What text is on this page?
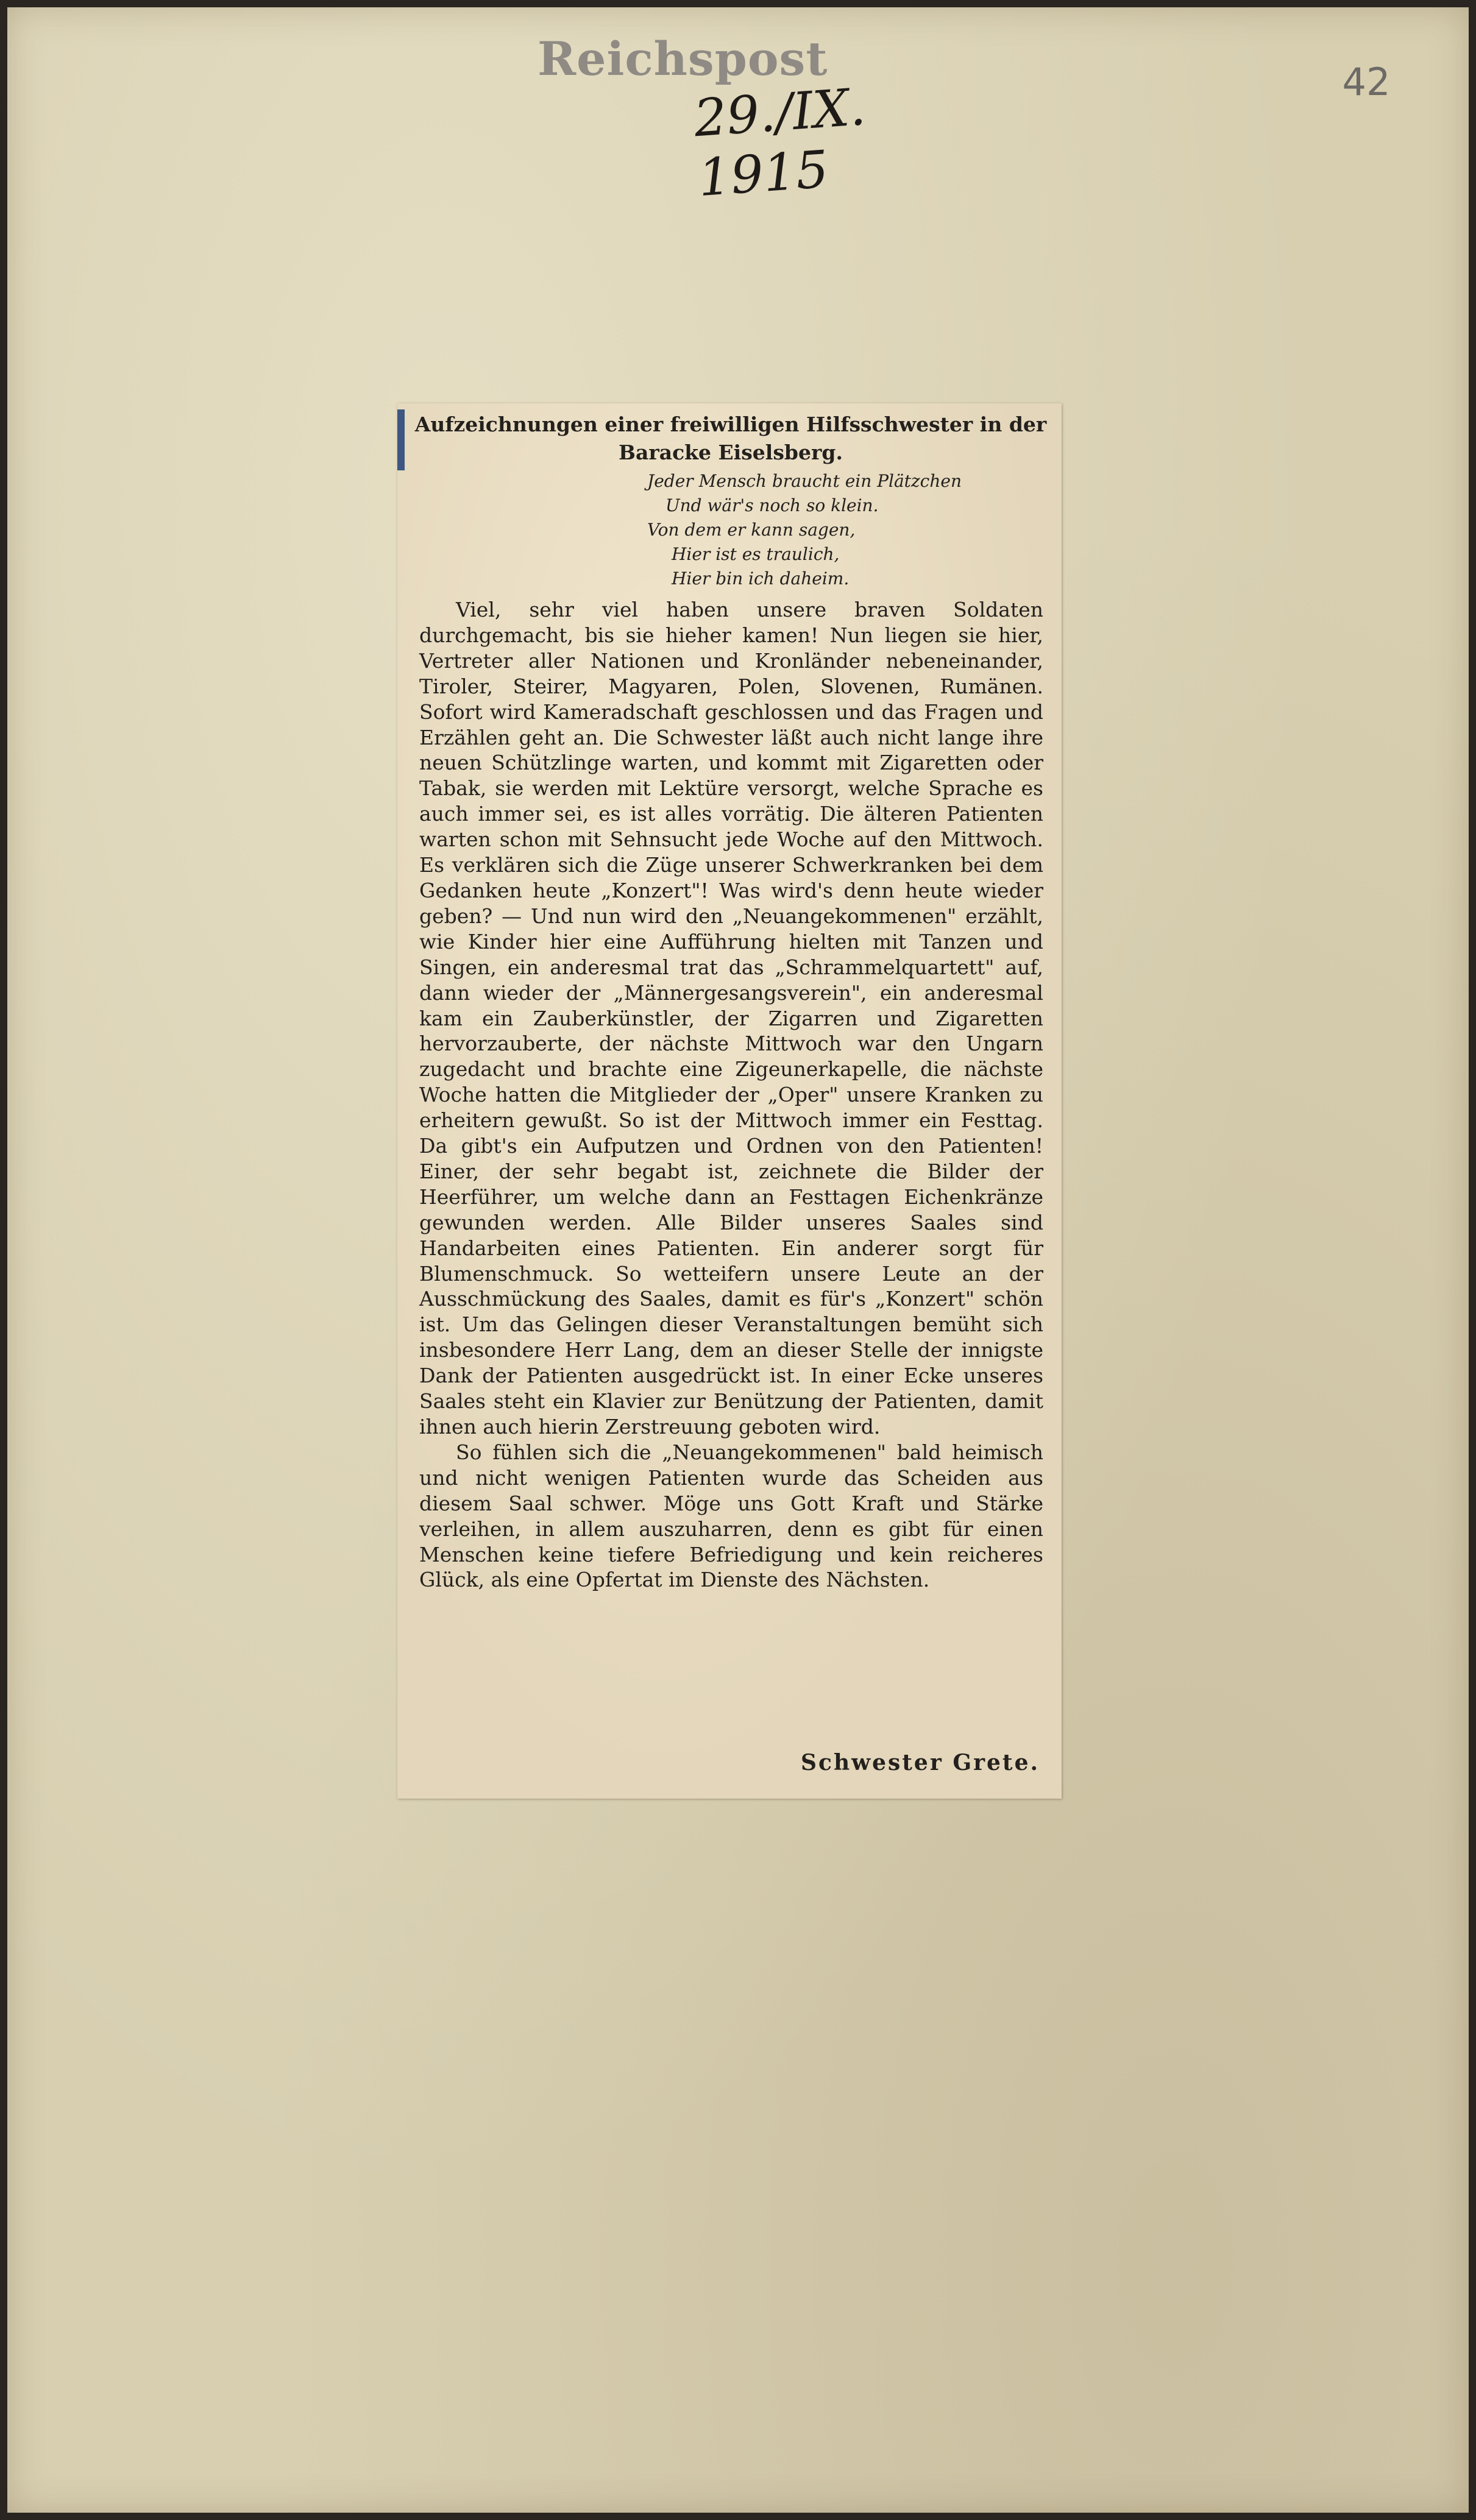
Reichspost
29./IX. 1915
42
Aufzeichnungen einer freiwilligen Hilfsschwester in der Baracke Eiselsberg.
Jeder Mensch braucht ein Plätzchen
Und wär's noch so klein.
Von dem er kann sagen,
Hier ist es traulich,
Hier bin ich daheim.

Viel, sehr viel haben unsere braven Soldaten durchgemacht, bis sie hieher kamen! Nun liegen sie hier, Vertreter aller Nationen und Kronländer nebeneinander, Tiroler, Steirer, Magyaren, Polen, Slovenen, Rumänen. Sofort wird Kameradschaft geschlossen und das Fragen und Erzählen geht an. Die Schwester läßt auch nicht lange ihre neuen Schützlinge warten, und kommt mit Zigaretten oder Tabak, sie werden mit Lektüre versorgt, welche Sprache es auch immer sei, es ist alles vorrätig. Die älteren Patienten warten schon mit Sehnsucht jede Woche auf den Mittwoch. Es verklären sich die Züge unserer Schwerkranken bei dem Gedanken heute „Konzert"! Was wird's denn heute wieder geben? — Und nun wird den „Neuangekommenen" erzählt, wie Kinder hier eine Aufführung hielten mit Tanzen und Singen, ein anderesmal trat das „Schrammelquartett" auf, dann wieder der „Männergesangsverein", ein anderesmal kam ein Zauberkünstler, der Zigarren und Zigaretten hervorzauberte, der nächste Mittwoch war den Ungarn zugedacht und brachte eine Zigeunerkapelle, die nächste Woche hatten die Mitglieder der „Oper" unsere Kranken zu erheitern gewußt. So ist der Mittwoch immer ein Festtag. Da gibt's ein Aufputzen und Ordnen von den Patienten! Einer, der sehr begabt ist, zeichnete die Bilder der Heerführer, um welche dann an Festtagen Eichenkränze gewunden werden. Alle Bilder unseres Saales sind Handarbeiten eines Patienten. Ein anderer sorgt für Blumenschmuck. So wetteifern unsere Leute an der Ausschmückung des Saales, damit es für's „Konzert" schön ist. Um das Gelingen dieser Veranstaltungen bemüht sich insbesondere Herr Lang, dem an dieser Stelle der innigste Dank der Patienten ausgedrückt ist. In einer Ecke unseres Saales steht ein Klavier zur Benützung der Patienten, damit ihnen auch hierin Zerstreuung geboten wird.

So fühlen sich die „Neuangekommenen" bald heimisch und nicht wenigen Patienten wurde das Scheiden aus diesem Saal schwer. Möge uns Gott Kraft und Stärke verleihen, in allem auszuharren, denn es gibt für einen Menschen keine tiefere Befriedigung und kein reicheres Glück, als eine Opfertat im Dienste des Nächsten.

Schwester Grete.
